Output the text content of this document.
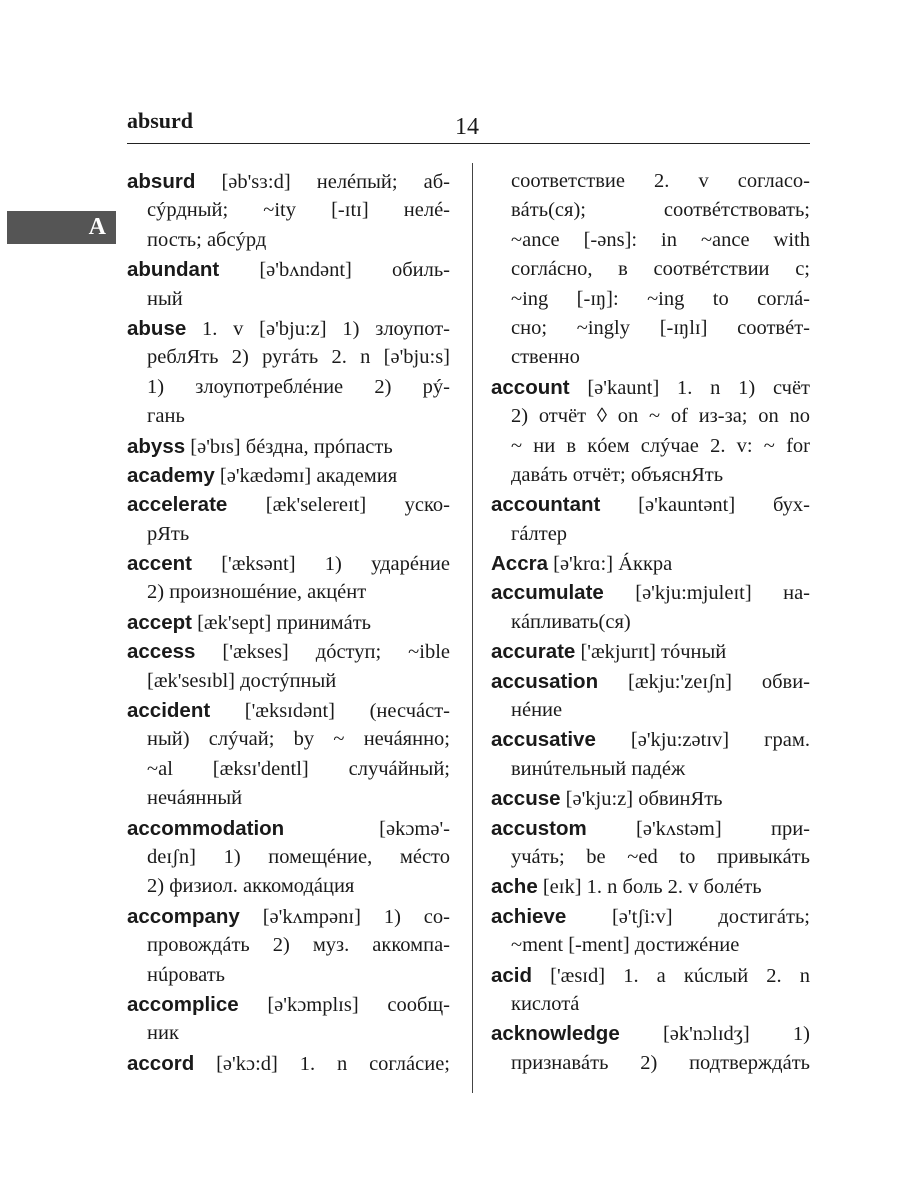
absurd	14
A
absurd [əb'sɜ:d] нелéпый; аб-
сýрдный; ~ity [-ɪtɪ] нелé-
пость; абсýрд
abundant [ə'bʌndənt] обиль-
ный
abuse 1. v [ə'bju:z] 1) злоупот-
реблЯть 2) ругáть 2. n [ə'bju:s]
1) злоупотреблéние 2) рý-
гань
abyss [ə'bɪs] бéздна, прóпасть
academy [ə'kædəmɪ] академия
accelerate [æk'selereɪt] уско-
рЯть
accent ['æksənt] 1) ударéние
2) произношéние, акцéнт
accept [æk'sept] принимáть
access ['ækses] дóступ; ~ible
[æk'sesɪbl] достýпный
accident ['æksɪdənt] (несчáст-
ный) слýчай; by ~ нечáянно;
~al [æksɪ'dentl] случáйный;
нечáянный
accommodation [əkɔmə'-
deɪʃn] 1) помещéние, мéсто
2) физиол. аккомодáция
accompany [ə'kʌmpənɪ] 1) со-
провождáть 2) муз. аккомпа-
нúровать
accomplice [ə'kɔmplɪs] сообщ-
ник
accord [ə'kɔ:d] 1. n соглáсие;
соответствие 2. v согласо-
вáть(ся); соотвéтствовать;
~ance [-əns]: in ~ance with
соглáсно, в соотвéтствии с;
~ing [-ɪŋ]: ~ing to соглá-
сно; ~ingly [-ɪŋlɪ] соотвéт-
ственно
account [ə'kaunt] 1. n 1) счёт
2) отчёт ◊ on ~ of из-за; on no
~ ни в кóем слýчае 2. v: ~ for
давáть отчёт; объяснЯть
accountant [ə'kauntənt] бух-
гáлтер
Accra [ə'krɑ:] Áккра
accumulate [ə'kju:mjuleɪt] на-
кáпливать(ся)
accurate ['ækjurɪt] тóчный
accusation [ækju:'zeɪʃn] обви-
нéние
accusative [ə'kju:zətɪv] грам.
винúтельный падéж
accuse [ə'kju:z] обвинЯть
accustom [ə'kʌstəm] при-
учáть; be ~ed to привыкáть
ache [eɪk] 1. n боль 2. v болéть
achieve [ə'tʃi:v] достигáть;
~ment [-ment] достижéние
acid ['æsɪd] 1. a кúслый 2. n
кислотá
acknowledge [ək'nɔlɪdʒ] 1)
признавáть 2) подтверждáть
